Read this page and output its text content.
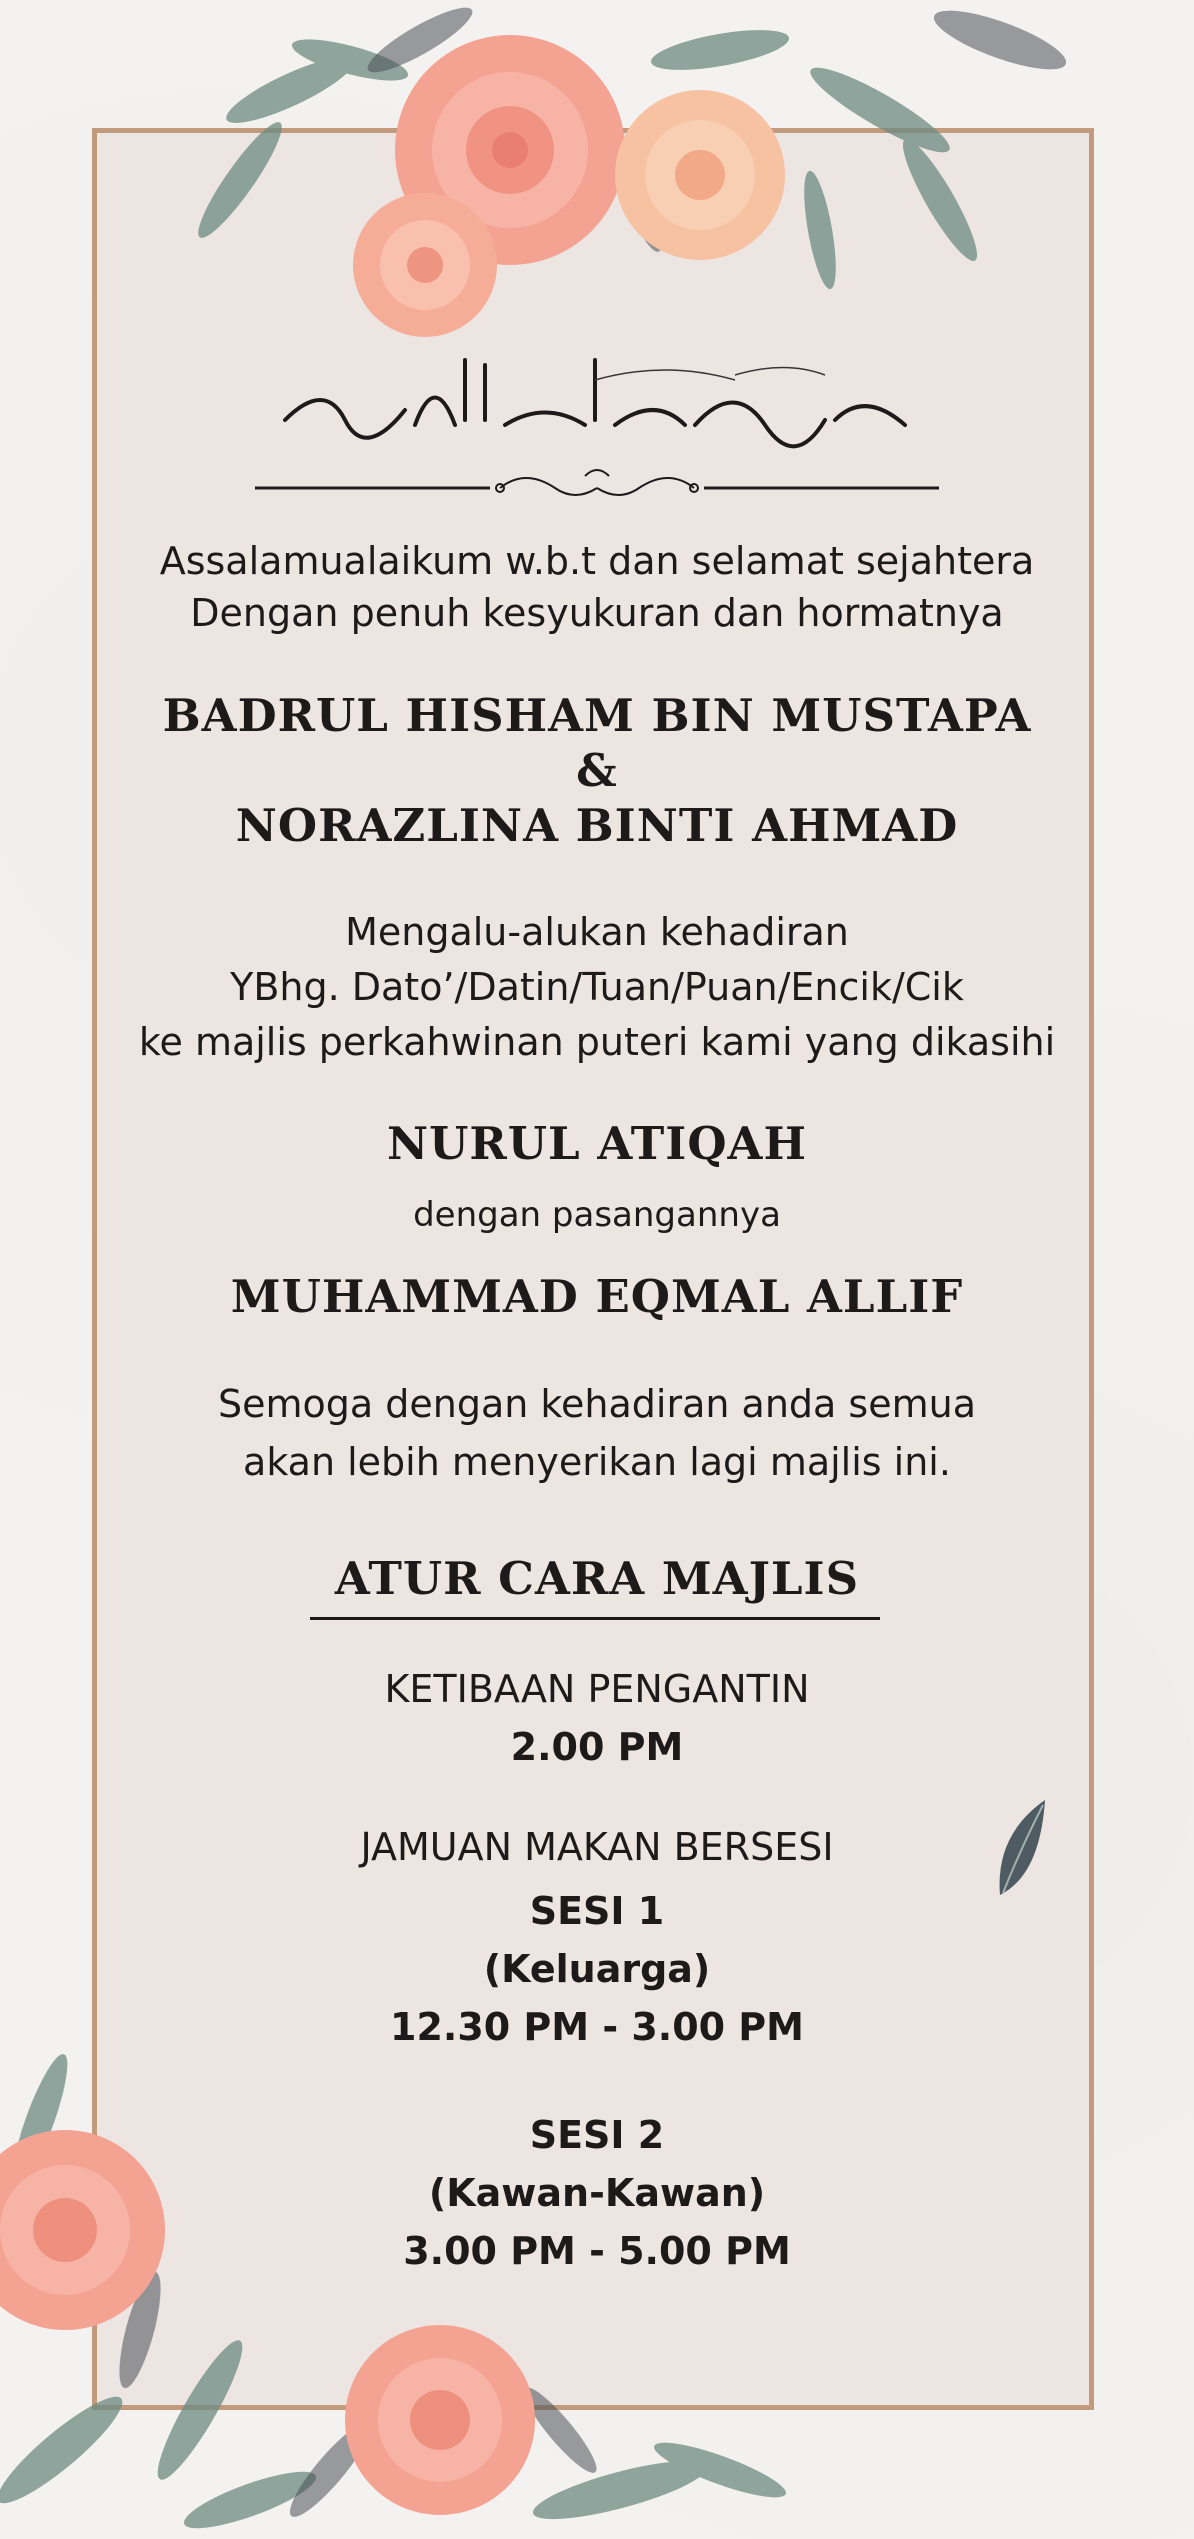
Assalamualaikum w.b.t dan selamat sejahtera
Dengan penuh kesyukuran dan hormatnya
BADRUL HISHAM BIN MUSTAPA
&
NORAZLINA BINTI AHMAD
Mengalu-alukan kehadiran
YBhg. Dato’/Datin/Tuan/Puan/Encik/Cik
ke majlis perkahwinan puteri kami yang dikasihi
NURUL ATIQAH
dengan pasangannya
MUHAMMAD EQMAL ALLIF
Semoga dengan kehadiran anda semua
akan lebih menyerikan lagi majlis ini.
ATUR CARA MAJLIS
KETIBAAN PENGANTIN
2.00 PM
JAMUAN MAKAN BERSESI
SESI 1
(Keluarga)
12.30 PM - 3.00 PM
SESI 2
(Kawan-Kawan)
3.00 PM - 5.00 PM
